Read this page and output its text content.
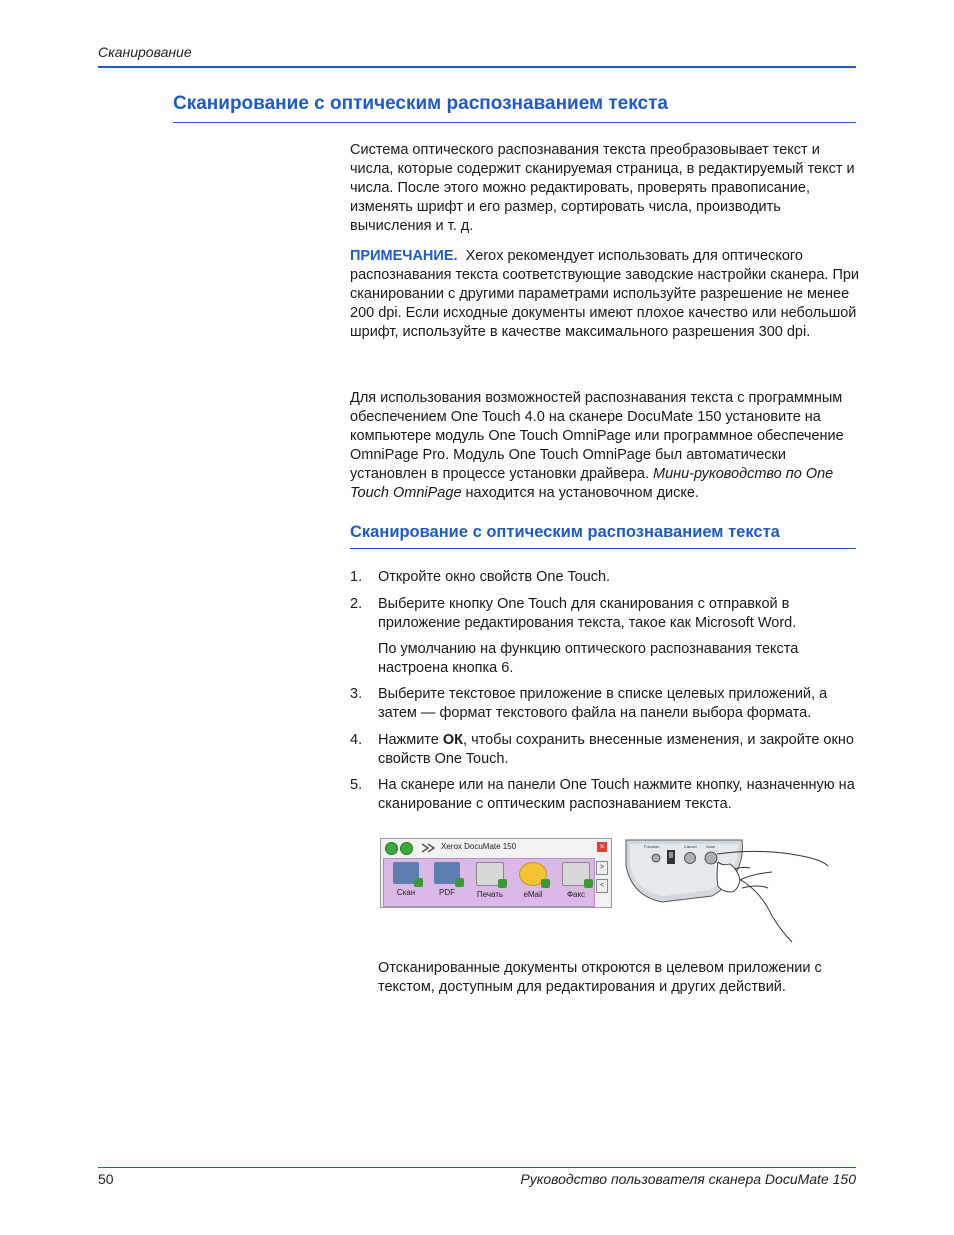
Сканирование
Сканирование с оптическим распознаванием текста
Система оптического распознавания текста преобразовывает текст и числа, которые содержит сканируемая страница, в редактируемый текст и числа. После этого можно редактировать, проверять правописание, изменять шрифт и его размер, сортировать числа, производить вычисления и т. д.
ПРИМЕЧАНИЕ. Xerox рекомендует использовать для оптического распознавания текста соответствующие заводские настройки сканера. При сканировании с другими параметрами используйте разрешение не менее 200 dpi. Если исходные документы имеют плохое качество или небольшой шрифт, используйте в качестве максимального разрешения 300 dpi.
Для использования возможностей распознавания текста с программным обеспечением One Touch 4.0 на сканере DocuMate 150 установите на компьютере модуль One Touch OmniPage или программное обеспечение OmniPage Pro. Модуль One Touch OmniPage был автоматически установлен в процессе установки драйвера. Мини-руководство по One Touch OmniPage находится на установочном диске.
Сканирование с оптическим распознаванием текста
1. Откройте окно свойств One Touch.
2. Выберите кнопку One Touch для сканирования с отправкой в приложение редактирования текста, такое как Microsoft Word.
По умолчанию на функцию оптического распознавания текста настроена кнопка 6.
3. Выберите текстовое приложение в списке целевых приложений, а затем — формат текстового файла на панели выбора формата.
4. Нажмите ОК, чтобы сохранить внесенные изменения, и закройте окно свойств One Touch.
5. На сканере или на панели One Touch нажмите кнопку, назначенную на сканирование с оптическим распознаванием текста.
Xerox DocuMate 150	×
Скан	PDF	Печать	eMail	Факс
>
<
Function	Cancel Scan
Отсканированные документы откроются в целевом приложении с текстом, доступным для редактирования и других действий.
50	Руководство пользователя сканера DocuMate 150
